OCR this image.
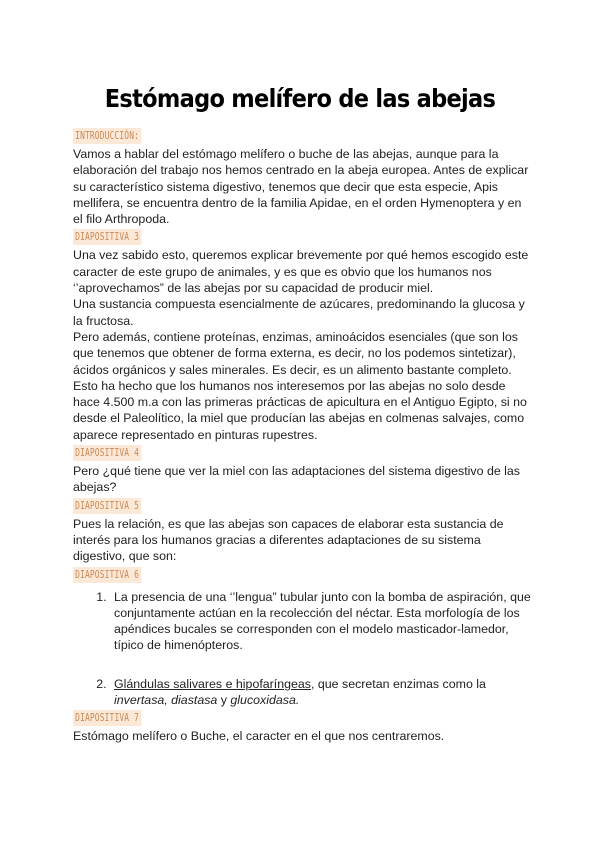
Estómago melífero de las abejas
INTRODUCCIÓN:

Vamos a hablar del estómago melífero o buche de las abejas, aunque para la elaboración del trabajo nos hemos centrado en la abeja europea. Antes de explicar su característico sistema digestivo, tenemos que decir que esta especie, Apis mellifera, se encuentra dentro de la familia Apidae, en el orden Hymenoptera y en el filo Arthropoda.

DIAPOSITIVA 3

Una vez sabido esto, queremos explicar brevemente por qué hemos escogido este caracter de este grupo de animales, y es que es obvio que los humanos nos ‘’aprovechamos” de las abejas por su capacidad de producir miel.

Una sustancia compuesta esencialmente de azúcares, predominando la glucosa y la fructosa.

Pero además, contiene proteínas, enzimas, aminoácidos esenciales (que son los que tenemos que obtener de forma externa, es decir, no los podemos sintetizar), ácidos orgánicos y sales minerales. Es decir, es un alimento bastante completo.

Esto ha hecho que los humanos nos interesemos por las abejas no solo desde hace 4.500 m.a con las primeras prácticas de apicultura en el Antiguo Egipto, si no desde el Paleolítico, la miel que producían las abejas en colmenas salvajes, como aparece representado en pinturas rupestres.

DIAPOSITIVA 4

Pero ¿qué tiene que ver la miel con las adaptaciones del sistema digestivo de las abejas?

DIAPOSITIVA 5

Pues la relación, es que las abejas son capaces de elaborar esta sustancia de interés para los humanos gracias a diferentes adaptaciones de su sistema digestivo, que son:

DIAPOSITIVA 6
1. La presencia de una ‘’lengua” tubular junto con la bomba de aspiración, que conjuntamente actúan en la recolección del néctar. Esta morfología de los apéndices bucales se corresponden con el modelo masticador-lamedor, típico de himenópteros.
2. Glándulas salivares e hipofaríngeas, que secretan enzimas como la invertasa, diastasa y glucoxidasa.
DIAPOSITIVA 7

Estómago melífero o Buche, el caracter en el que nos centraremos.
